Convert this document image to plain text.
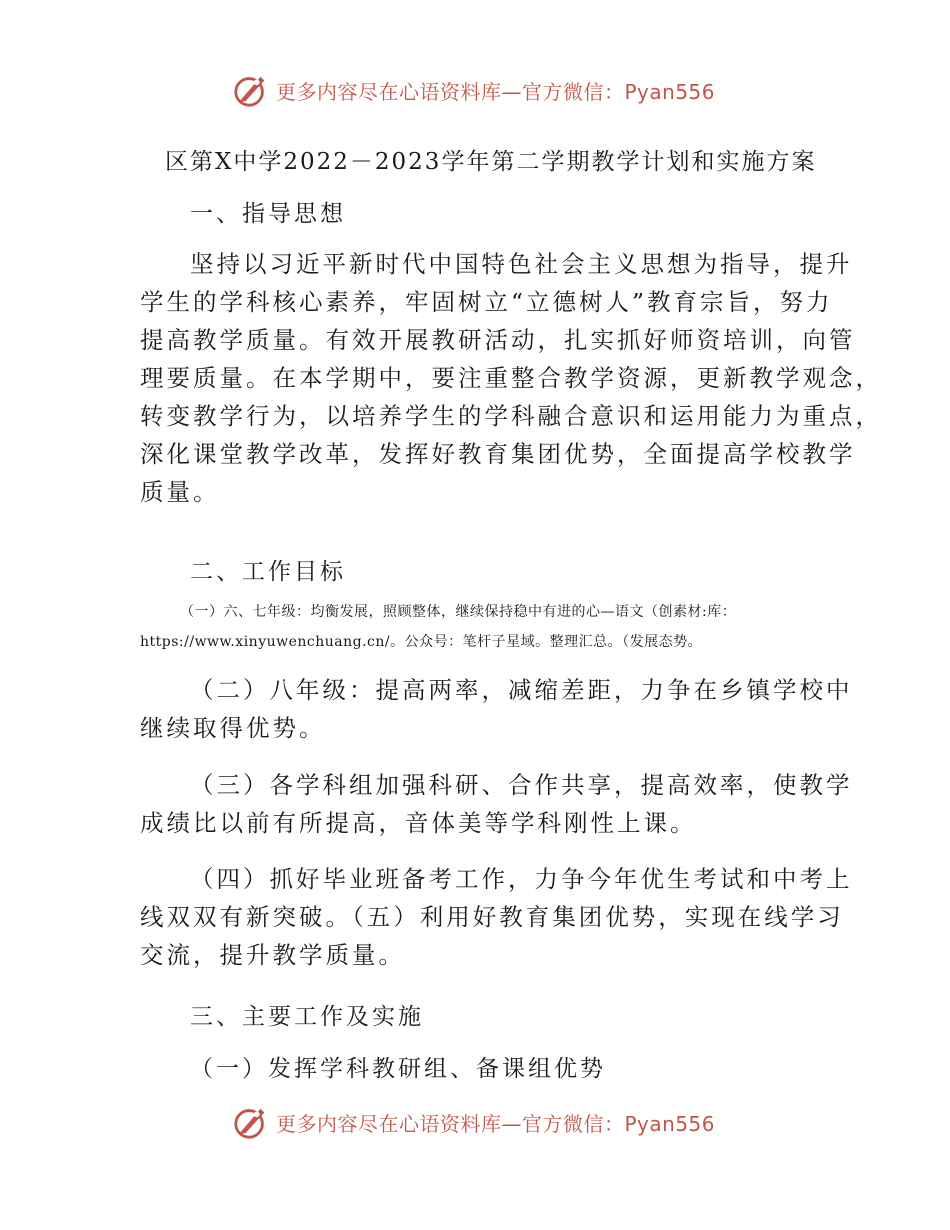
更多内容尽在心语资料库—官方微信：Pyan556
区第X中学2022－2023学年第二学期教学计划和实施方案
一、指导思想
坚持以习近平新时代中国特色社会主义思想为指导，提升
学生的学科核心素养，牢固树立“立德树人”教育宗旨，努力
提高教学质量。有效开展教研活动，扎实抓好师资培训，向管
理要质量。在本学期中，要注重整合教学资源，更新教学观念，
转变教学行为，以培养学生的学科融合意识和运用能力为重点，
深化课堂教学改革，发挥好教育集团优势，全面提高学校教学
质量。
二、工作目标
（一）六、七年级：均衡发展，照顾整体，继续保持稳中有进的心—语文（创素材:库：
https://www.xinyuwenchuang.cn/。公众号：笔杆子星域。整理汇总。（发展态势。
（二）八年级：提高两率，减缩差距，力争在乡镇学校中
继续取得优势。
（三）各学科组加强科研、合作共享，提高效率，使教学
成绩比以前有所提高，音体美等学科刚性上课。
（四）抓好毕业班备考工作，力争今年优生考试和中考上
线双双有新突破。（五）利用好教育集团优势，实现在线学习
交流，提升教学质量。
三、主要工作及实施
（一）发挥学科教研组、备课组优势
更多内容尽在心语资料库—官方微信：Pyan556
